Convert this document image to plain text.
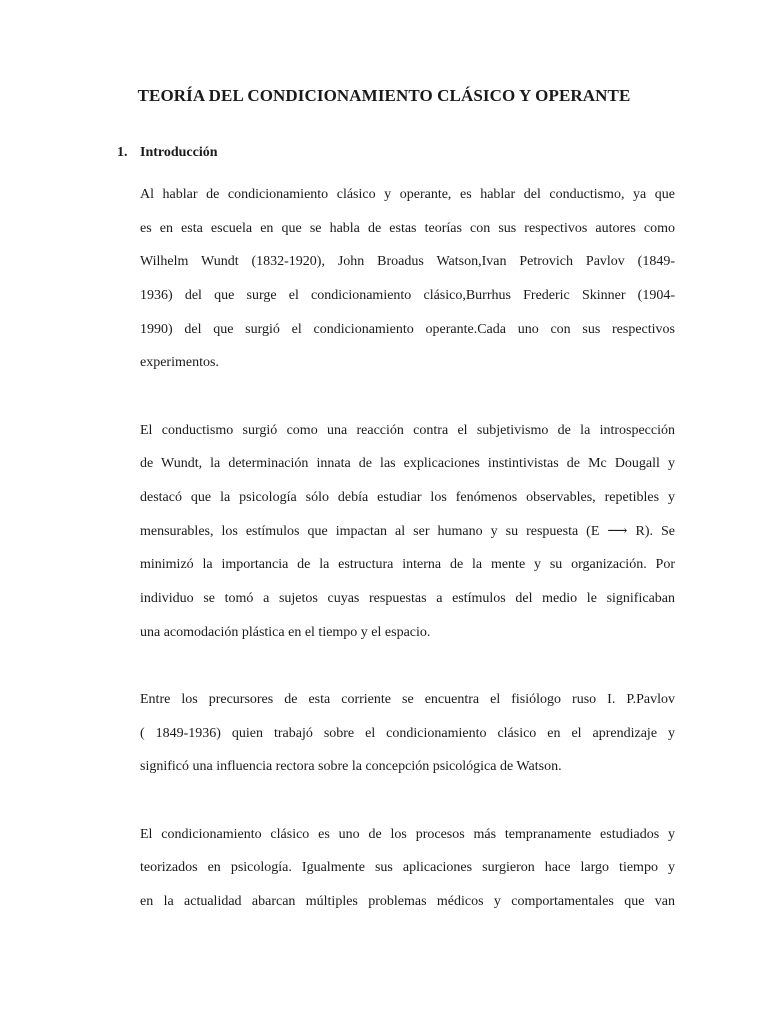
TEORÍA DEL CONDICIONAMIENTO CLÁSICO Y OPERANTE
1. Introducción

Al hablar de condicionamiento clásico y operante, es hablar del conductismo, ya que
es en esta escuela en que se habla de estas teorías con sus respectivos autores como
Wilhelm Wundt (1832-1920), John Broadus Watson,Ivan Petrovich Pavlov (1849-
1936) del que surge el condicionamiento clásico,Burrhus Frederic Skinner (1904-
1990) del que surgió el condicionamiento operante.Cada uno con sus respectivos
experimentos.

El conductismo surgió como una reacción contra el subjetivismo de la introspección
de Wundt, la determinación innata de las explicaciones instintivistas de Mc Dougall y
destacó que la psicología sólo debía estudiar los fenómenos observables, repetibles y
mensurables, los estímulos que impactan al ser humano y su respuesta (E ⟶ R). Se
minimizó la importancia de la estructura interna de la mente y su organización. Por
individuo se tomó a sujetos cuyas respuestas a estímulos del medio le significaban
una acomodación plástica en el tiempo y el espacio.

Entre los precursores de esta corriente se encuentra el fisiólogo ruso I. P.Pavlov
( 1849-1936) quien trabajó sobre el condicionamiento clásico en el aprendizaje y
significó una influencia rectora sobre la concepción psicológica de Watson.

El condicionamiento clásico es uno de los procesos más tempranamente estudiados y
teorizados en psicología. Igualmente sus aplicaciones surgieron hace largo tiempo y
en la actualidad abarcan múltiples problemas médicos y comportamentales que van
